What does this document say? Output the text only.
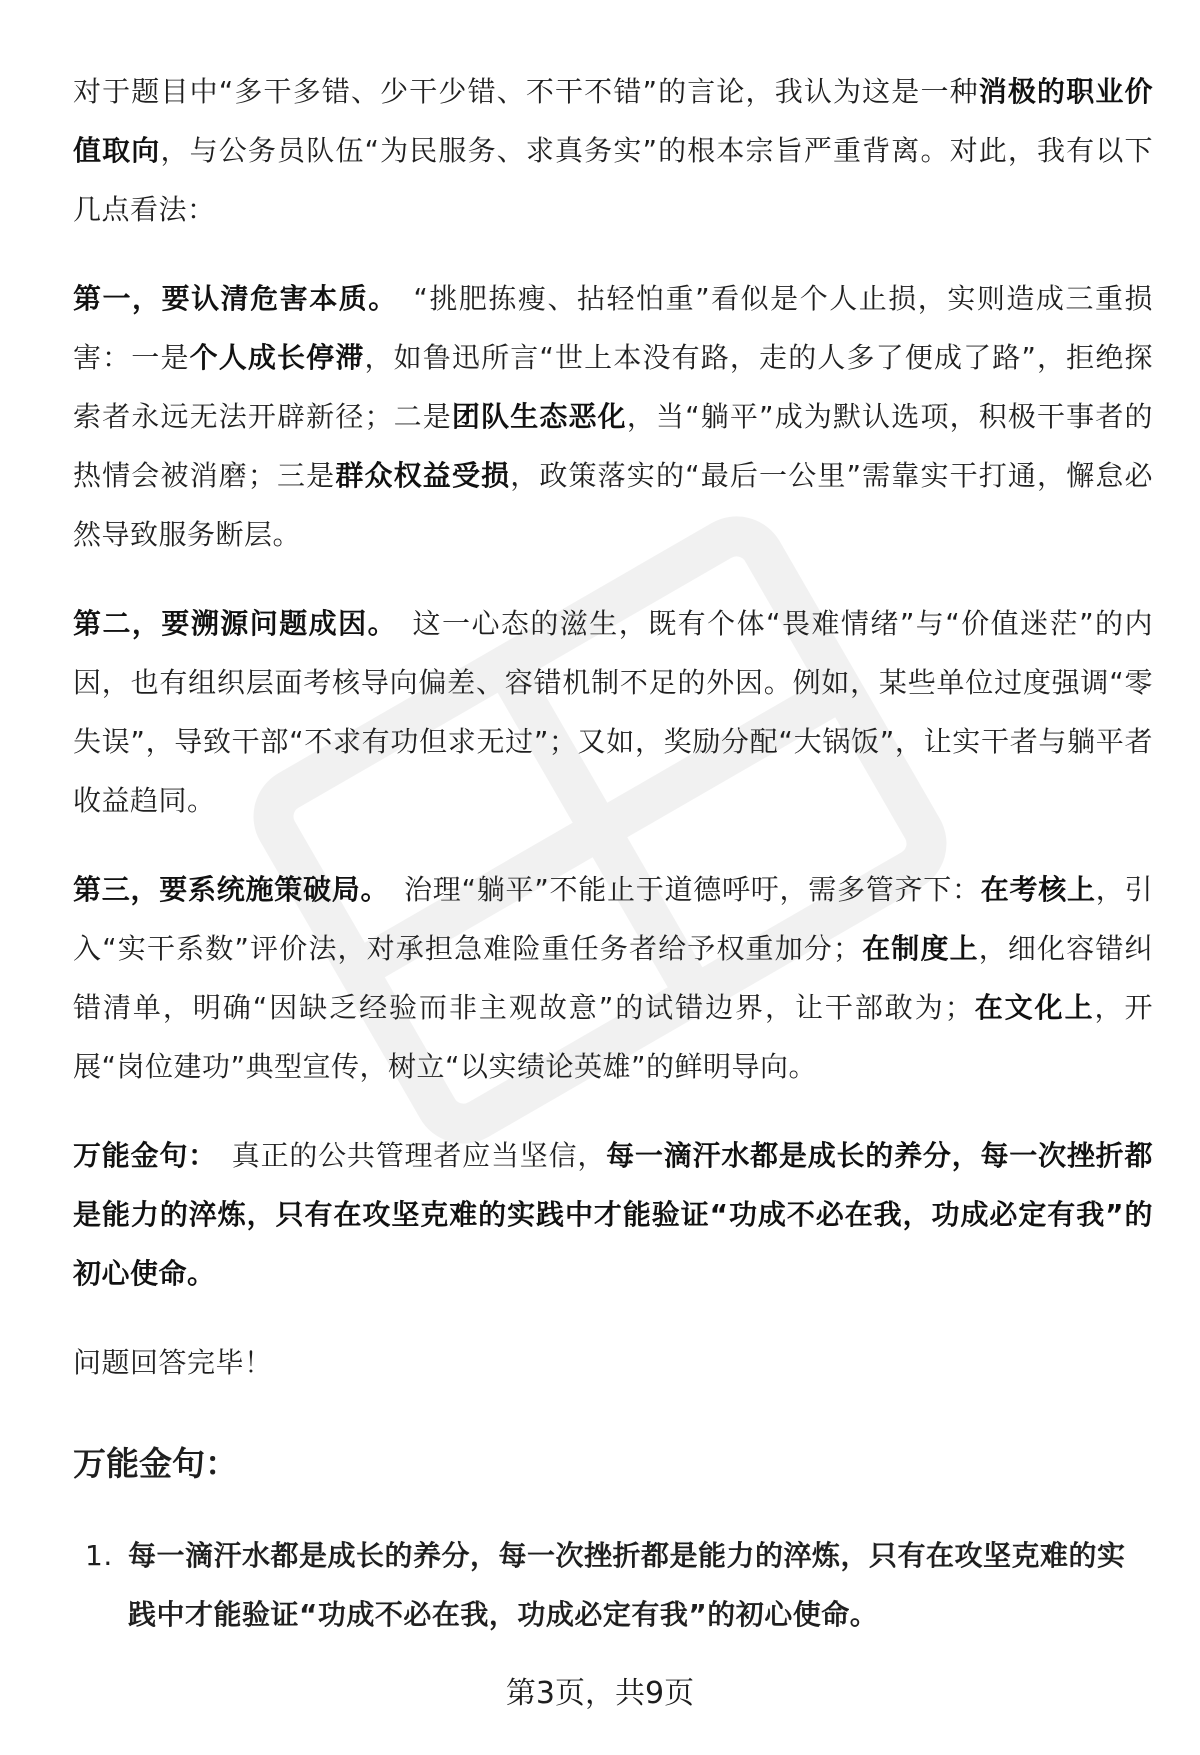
对于题目中“多干多错、少干少错、不干不错”的言论，我认为这是一种消极的职业价值取向，与公务员队伍“为民服务、求真务实”的根本宗旨严重背离。对此，我有以下几点看法：

第一，要认清危害本质。　 “挑肥拣瘦、拈轻怕重”看似是个人止损，实则造成三重损害：一是个人成长停滞，如鲁迅所言“世上本没有路，走的人多了便成了路”，拒绝探索者永远无法开辟新径；二是团队生态恶化，当“躺平”成为默认选项，积极干事者的热情会被消磨；三是群众权益受损，政策落实的“最后一公里”需靠实干打通，懈怠必然导致服务断层。

第二，要溯源问题成因。　 这一心态的滋生，既有个体“畏难情绪”与“价值迷茫”的内因，也有组织层面考核导向偏差、容错机制不足的外因。例如，某些单位过度强调“零失误”，导致干部“不求有功但求无过”；又如，奖励分配“大锅饭”，让实干者与躺平者收益趋同。

第三，要系统施策破局。　 治理“躺平”不能止于道德呼吁，需多管齐下：在考核上，引入“实干系数”评价法，对承担急难险重任务者给予权重加分；在制度上，细化容错纠错清单，明确“因缺乏经验而非主观故意”的试错边界，让干部敢为；在文化上，开展“岗位建功”典型宣传，树立“以实绩论英雄”的鲜明导向。

万能金句：　 真正的公共管理者应当坚信，每一滴汗水都是成长的养分，每一次挫折都是能力的淬炼，只有在攻坚克难的实践中才能验证“功成不必在我，功成必定有我”的初心使命。

问题回答完毕！

万能金句：
1. 每一滴汗水都是成长的养分，每一次挫折都是能力的淬炼，只有在攻坚克难的实践中才能验证“功成不必在我，功成必定有我”的初心使命。
第3页，共9页
